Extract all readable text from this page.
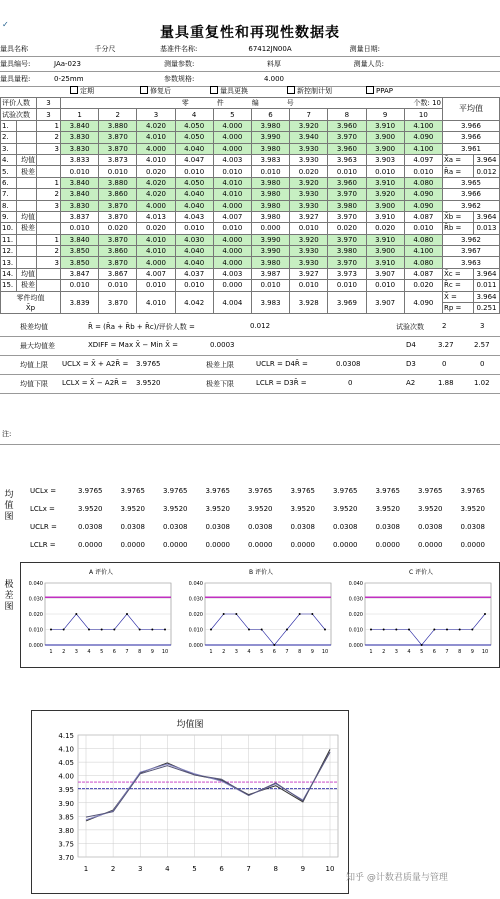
✓
量具重复性和再现性数据表
量具名称	千分尺	基准件名称:	67412JN00A	测量日期:
量具编号:	JAa-023	测量参数:	料厚	测量人员:
量具量程:	0-25mm	参数规格:	4.000
定期	修复后	量具更换	新控制计划	PPAP
评价人数		3	零 件 编 号 个数: 10										平均值	
试验次数		3	1	2	3	4	5	6	7	8	9	10		
1.		1	3.840	3.880	4.020	4.050	4.000	3.980	3.920	3.960	3.910	4.100	3.966	
2.		2	3.830	3.870	4.010	4.050	4.000	3.990	3.940	3.970	3.900	4.090	3.966	
3.		3	3.830	3.870	4.000	4.040	4.000	3.980	3.930	3.960	3.900	4.100	3.961	
4.	均值		3.833	3.873	4.010	4.047	4.003	3.983	3.930	3.963	3.903	4.097	X̄a =	3.964
5.	极差		0.010	0.010	0.020	0.010	0.010	0.010	0.020	0.010	0.010	0.010	R̄a =	0.012
6.		1	3.840	3.880	4.020	4.050	4.010	3.980	3.920	3.960	3.910	4.080	3.965	
7.		2	3.840	3.860	4.020	4.040	4.010	3.980	3.930	3.970	3.920	4.090	3.966	
8.		3	3.830	3.870	4.000	4.040	4.000	3.980	3.930	3.980	3.900	4.090	3.962	
9.	均值		3.837	3.870	4.013	4.043	4.007	3.980	3.927	3.970	3.910	4.087	X̄b =	3.964
10.	极差		0.010	0.020	0.020	0.010	0.010	0.000	0.010	0.020	0.020	0.010	R̄b =	0.013
11.		1	3.840	3.870	4.010	4.030	4.000	3.990	3.920	3.970	3.910	4.080	3.962	
12.		2	3.850	3.860	4.010	4.040	4.000	3.990	3.930	3.980	3.900	4.100	3.967	
13.		3	3.850	3.870	4.000	4.040	4.000	3.980	3.930	3.970	3.910	4.080	3.963	
14.	均值		3.847	3.867	4.007	4.037	4.003	3.987	3.927	3.973	3.907	4.087	X̄c =	3.964
15.	极差		0.010	0.010	0.010	0.010	0.000	0.010	0.010	0.010	0.010	0.020	R̄c =	0.011

零件均值
X̄p			3.839	3.870	4.010	4.042	4.004	3.983	3.928	3.969	3.907	4.090	X̄ =	3.964
													Rp =	0.251
极差均值	R̄ = (R̄a + R̄b + R̄c)/评价人数 =	0.012	试验次数	2	3
最大均值差	XDIFF = Max X̄ − Min X̄ =	0.0003	D4	3.27	2.57
均值上限 UCLX = X̄ + A2R̄ = 3.9765	极差上限	UCLR = D4R̄ =	0.0308	D3	0	0
均值下限 LCLX = X̄ − A2R̄ = 3.9520	极差下限	LCLR = D3R̄ =	0	A2	1.88	1.02
注:
均
值
图
UCLx =	3.9765	3.9765	3.9765	3.9765	3.9765	3.9765	3.9765	3.9765	3.9765	3.9765
LCLx =	3.9520	3.9520	3.9520	3.9520	3.9520	3.9520	3.9520	3.9520	3.9520	3.9520
UCLR =	0.0308	0.0308	0.0308	0.0308	0.0308	0.0308	0.0308	0.0308	0.0308	0.0308
LCLR =	0.0000	0.0000	0.0000	0.0000	0.0000	0.0000	0.0000	0.0000	0.0000	0.0000
极
差
图
A 评价人
0.000
0.010
0.020
0.030
0.040
1 2 3 4 5 6 7 8 9 10
B 评价人
0.000
0.010
0.020
0.030
0.040
1 2 3 4 5 6 7 8 9 10
C 评价人
0.000
0.010
0.020
0.030
0.040
1 2 3 4 5 6 7 8 9 10
均值图
3.70
3.75
3.80
3.85
3.90
3.95
4.00
4.05
4.10
4.15
1	2	3	4	5	6	7	8	9	10
知乎 @计数君质量与管理
